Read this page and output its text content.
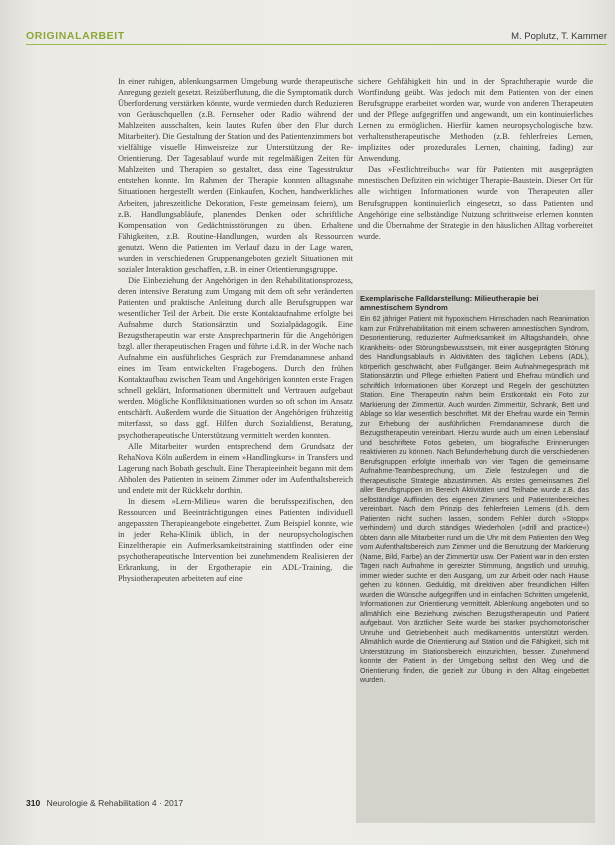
ORIGINALARBEIT	M. Poplutz, T. Kammer

In einer ruhigen, ablenkungsarmen Umgebung wurde therapeutische Anregung gezielt gesetzt. Reizüberflutung, die die Symptomatik durch Überforderung verstärken könnte, wurde vermieden durch Reduzieren von Geräuschquellen (z.B. Fernseher oder Radio während der Mahlzeiten ausschalten, kein lautes Rufen über den Flur durch Mitarbeiter). Die Gestaltung der Station und des Patientenzimmers bot vielfältige visuelle Hinweisreize zur Unterstützung der Re-Orientierung. Der Tagesablauf wurde mit regelmäßigen Zeiten für Mahlzeiten und Therapien so gestaltet, dass eine Tagesstruktur entstehen konnte. Im Rahmen der Therapie konnten alltagsnahe Situationen hergestellt werden (Einkaufen, Kochen, handwerkliches Arbeiten, jahreszeitliche Dekoration, Feste gemeinsam feiern), um z.B. Handlungsabläufe, planendes Denken oder schriftliche Kompensation von Gedächtnisstörungen zu üben. Erhaltene Fähigkeiten, z.B. Routine-Handlungen, wurden als Ressourcen genutzt. Wenn die Patienten im Verlauf dazu in der Lage waren, wurden in verschiedenen Gruppenangeboten gezielt Situationen mit sozialer Interaktion geschaffen, z.B. in einer Orientierungsgruppe.

Die Einbeziehung der Angehörigen in den Rehabilitationsprozess, deren intensive Beratung zum Umgang mit dem oft sehr veränderten Patienten und praktische Anleitung durch alle Berufsgruppen war wesentlicher Teil der Arbeit. Die erste Kontaktaufnahme erfolgte bei Aufnahme durch Stationsärztin und Sozialpädagogik. Eine Bezugstherapeutin war erste Ansprechpartnerin für die Angehörigen bzgl. aller therapeutischen Fragen und führte i.d.R. in der Woche nach Aufnahme ein ausführliches Gespräch zur Fremdanamnese anhand eines im Team entwickelten Fragebogens. Durch den frühen Kontaktaufbau zwischen Team und Angehörigen konnten erste Fragen schnell geklärt, Informationen übermittelt und Vertrauen aufgebaut werden. Mögliche Konfliktsituationen wurden so oft schon im Ansatz entschärft. Außerdem wurde die Situation der Angehörigen frühzeitig miterfasst, so dass ggf. Hilfen durch Sozialdienst, Beratung, psychotherapeutische Unterstützung vermittelt werden konnten.

Alle Mitarbeiter wurden entsprechend dem Grundsatz der RehaNova Köln außerdem in einem »Handlingkurs« in Transfers und Lagerung nach Bobath geschult. Eine Therapieeinheit begann mit dem Abholen des Patienten in seinem Zimmer oder im Aufenthaltsbereich und endete mit der Rückkehr dorthin.

In diesem »Lern-Milieu« waren die berufsspezifischen, den Ressourcen und Beeinträchtigungen eines Patienten individuell angepassten Therapieangebote eingebettet. Zum Beispiel konnte, wie in jeder Reha-Klinik üblich, in der neuropsychologischen Einzeltherapie ein Aufmerksamkeitstraining stattfinden oder eine psychotherapeutische Intervention bei zunehmendem Realisieren der Erkrankung, in der Ergotherapie ein ADL-Training, die Physiotherapeuten arbeiteten auf eine

sichere Gehfähigkeit hin und in der Sprachtherapie wurde die Wortfindung geübt. Was jedoch mit dem Patienten von der einen Berufsgruppe erarbeitet worden war, wurde von anderen Therapeuten und der Pflege aufgegriffen und angewandt, um ein kontinuierliches Lernen zu ermöglichen. Hierfür kamen neuropsychologische bzw. verhaltenstherapeutische Methoden (z.B. fehlerfreies Lernen, implizites oder prozedurales Lernen, chaining, fading) zur Anwendung.

Das »Festlichtreibuch« war für Patienten mit ausgeprägten mnestischen Defiziten ein wichtiger Therapie-Baustein. Dieser Ort für alle wichtigen Informationen wurde von Therapeuten aller Berufsgruppen kontinuierlich eingesetzt, so dass Patienten und Angehörige eine selbständige Nutzung schrittweise erlernen konnten und die Übernahme der Strategie in den häuslichen Alltag vorbereitet wurde.

Exemplarische Falldarstellung: Milieutherapie bei amnestischem Syndrom

Ein 62 jähriger Patient mit hypoxischem Hirnschaden nach Reanimation kam zur Frührehabilitation mit einem schweren amnestischen Syndrom, Desorientierung, reduzierter Aufmerksamkeit im Alltagshandeln, ohne Krankheits- oder Störungsbewusstsein, mit einer ausgeprägten Störung des Handlungsablaufs in Aktivitäten des täglichen Lebens (ADL), körperlich geschwächt, aber Fußgänger. Beim Aufnahmegespräch mit Stationsärztin und Pflege erhielten Patient und Ehefrau mündlich und schriftlich Informationen über Konzept und Regeln der geschützten Station. Eine Therapeutin nahm beim Erstkontakt ein Foto zur Markierung der Zimmertür. Auch wurden Zimmertür, Schrank, Bett und Ablage so klar wesentlich beschriftet. Mit der Ehefrau wurde ein Termin zur Erhebung der ausführlichen Fremdanamnese durch die Bezugstherapeutin vereinbart. Hierzu wurde auch um einen Lebenslauf und beschriftete Fotos gebeten, um biografische Erinnerungen reaktivieren zu können. Nach Befunderhebung durch die verschiedenen Berufsgruppen erfolgte innerhalb von vier Tagen die gemeinsame Aufnahme-Teambesprechung, um Ziele festzulegen und die therapeutische Strategie abzustimmen. Als erstes gemeinsames Ziel aller Berufsgruppen im Bereich Aktivitäten und Teilhabe wurde z.B. das selbständige Auffinden des eigenen Zimmers und Patientenbereiches vereinbart. Nach dem Prinzip des fehlerfreien Lernens (d.h. dem Patienten nicht suchen lassen, sondern Fehler durch »Stopp« verhindern) und durch ständiges Wiederholen (»drill and practice«) übten dann alle Mitarbeiter rund um die Uhr mit dem Patienten den Weg vom Aufenthaltsbereich zum Zimmer und die Benutzung der Markierung (Name, Bild, Farbe) an der Zimmertür usw. Der Patient war in den ersten Tagen nach Aufnahme in gereizter Stimmung, ängstlich und unruhig, immer wieder suchte er den Ausgang, um zur Arbeit oder nach Hause gehen zu können. Geduldig, mit direktiven aber freundlichen Hilfen wurden die Wünsche aufgegriffen und in einfachen Schritten umgelenkt, Informationen zur Orientierung vermittelt. Ablenkung angeboten und so allmählich eine Beziehung zwischen Bezugstherapeutin und Patient aufgebaut. Von ärztlicher Seite wurde bei starker psychomotorischer Unruhe und Getriebenheit auch medikamentös unterstützt werden. Allmählich wurde die Orientierung auf Station und die Fähigkeit, sich mit Unterstützung im Stationsbereich einzurichten, besser. Zunehmend konnte der Patient in der Umgebung selbst den Weg und die Orientierung finden, die gezielt zur Übung in den Alltag eingebettet wurden.

310 Neurologie & Rehabilitation 4 · 2017
